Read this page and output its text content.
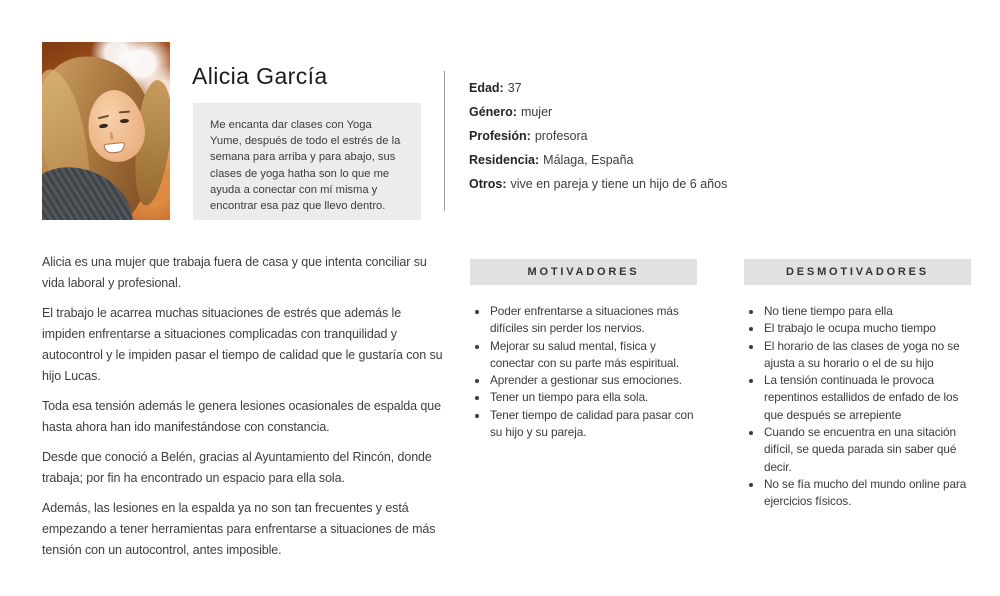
Alicia García
Me encanta dar clases con Yoga Yume, después de todo el estrés de la semana para arriba y para abajo, sus clases de yoga hatha son lo que me ayuda a conectar con mí misma y encontrar esa paz que llevo dentro.
Edad: 37
Género: mujer
Profesión: profesora
Residencia: Málaga, España
Otros: vive en pareja y tiene un hijo de 6 años

Alicia es una mujer que trabaja fuera de casa y que intenta conciliar su vida laboral y profesional.

El trabajo le acarrea muchas situaciones de estrés que además le impiden enfrentarse a situaciones complicadas con tranquilidad y autocontrol y le impiden pasar el tiempo de calidad que le gustaría con su hijo Lucas.

Toda esa tensión además le genera lesiones ocasionales de espalda que hasta ahora han ido manifestándose con constancia.

Desde que conoció a Belén, gracias al Ayuntamiento del Rincón, donde trabaja; por fin ha encontrado un espacio para ella sola.

Además, las lesiones en la espalda ya no son tan frecuentes y está empezando a tener herramientas para enfrentarse a situaciones de más tensión con un autocontrol, antes imposible.

MOTIVADORES
• Poder enfrentarse a situaciones más difíciles sin perder los nervios.
• Mejorar su salud mental, física y conectar con su parte más espiritual.
• Aprender a gestionar sus emociones.
• Tener un tiempo para ella sola.
• Tener tiempo de calidad para pasar con su hijo y su pareja.
DESMOTIVADORES
• No tiene tiempo para ella
• El trabajo le ocupa mucho tiempo
• El horario de las clases de yoga no se ajusta a su horario o el de su hijo
• La tensión continuada le provoca repentinos estallidos de enfado de los que después se arrepiente
• Cuando se encuentra en una sitación difícil, se queda parada sin saber qué decir.
• No se fía mucho del mundo online para ejercicios físicos.
